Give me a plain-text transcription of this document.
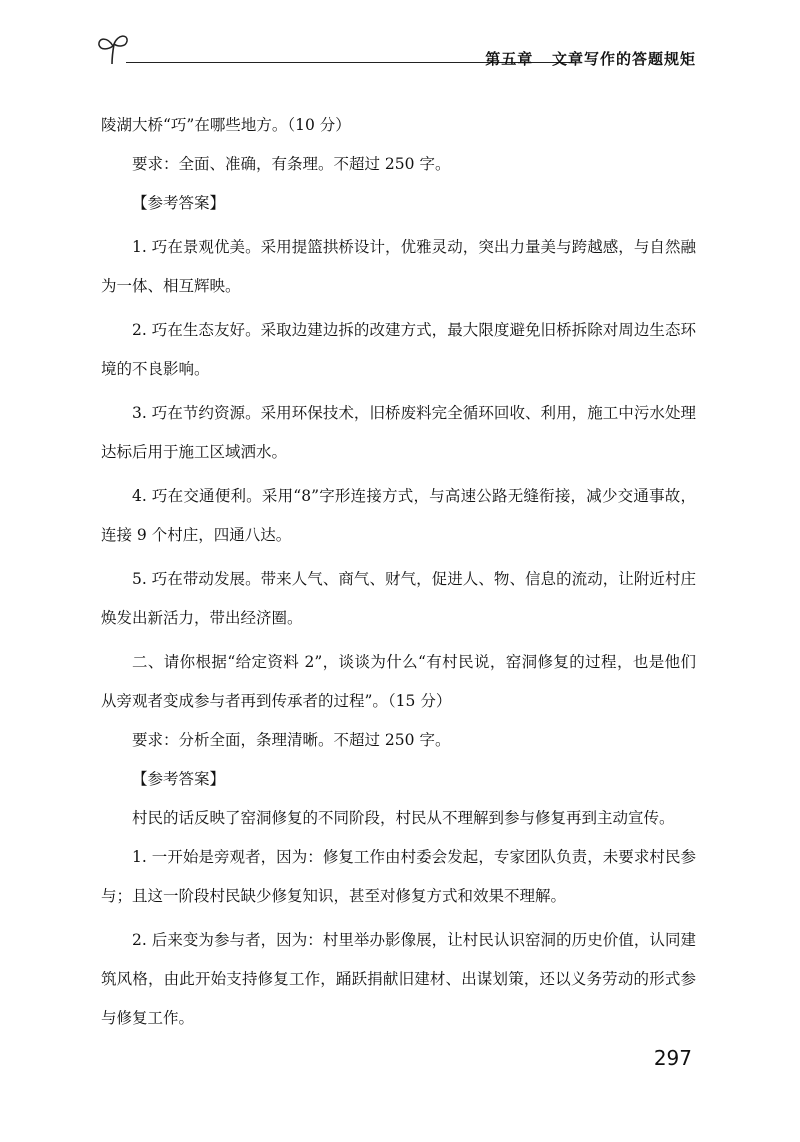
第五章 文章写作的答题规矩

陵湖大桥“巧”在哪些地方。（10 分）

要求：全面、准确，有条理。不超过 250 字。

【参考答案】

1. 巧在景观优美。采用提篮拱桥设计，优雅灵动，突出力量美与跨越感，与自然融为一体、相互辉映。

2. 巧在生态友好。采取边建边拆的改建方式，最大限度避免旧桥拆除对周边生态环境的不良影响。

3. 巧在节约资源。采用环保技术，旧桥废料完全循环回收、利用，施工中污水处理达标后用于施工区域洒水。

4. 巧在交通便利。采用“8”字形连接方式，与高速公路无缝衔接，减少交通事故，连接 9 个村庄，四通八达。

5. 巧在带动发展。带来人气、商气、财气，促进人、物、信息的流动，让附近村庄焕发出新活力，带出经济圈。

二、请你根据“给定资料 2”，谈谈为什么“有村民说，窑洞修复的过程，也是他们从旁观者变成参与者再到传承者的过程”。（15 分）

要求：分析全面，条理清晰。不超过 250 字。

【参考答案】

村民的话反映了窑洞修复的不同阶段，村民从不理解到参与修复再到主动宣传。

1. 一开始是旁观者，因为：修复工作由村委会发起，专家团队负责，未要求村民参与；且这一阶段村民缺少修复知识，甚至对修复方式和效果不理解。

2. 后来变为参与者，因为：村里举办影像展，让村民认识窑洞的历史价值，认同建筑风格，由此开始支持修复工作，踊跃捐献旧建材、出谋划策，还以义务劳动的形式参与修复工作。

297
